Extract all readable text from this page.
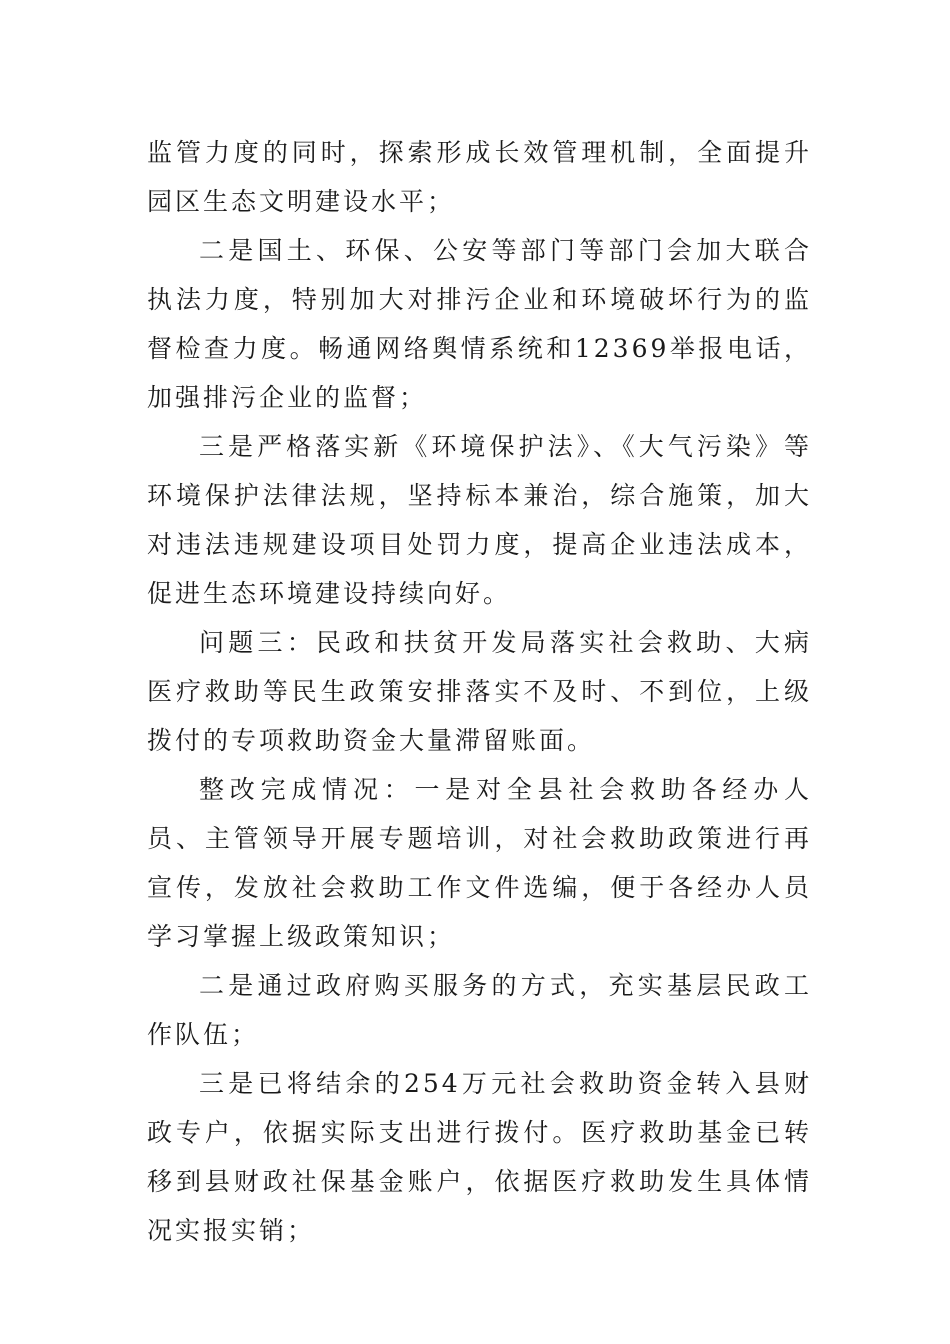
监管力度的同时，探索形成长效管理机制，全面提升园区生态文明建设水平；

二是国土、环保、公安等部门等部门会加大联合执法力度，特别加大对排污企业和环境破坏行为的监督检查力度。畅通网络舆情系统和12369举报电话，加强排污企业的监督；

三是严格落实新《环境保护法》、《大气污染》等环境保护法律法规，坚持标本兼治，综合施策，加大对违法违规建设项目处罚力度，提高企业违法成本，促进生态环境建设持续向好。

问题三：民政和扶贫开发局落实社会救助、大病医疗救助等民生政策安排落实不及时、不到位，上级拨付的专项救助资金大量滞留账面。

整改完成情况：一是对全县社会救助各经办人员、主管领导开展专题培训，对社会救助政策进行再宣传，发放社会救助工作文件选编，便于各经办人员学习掌握上级政策知识；

二是通过政府购买服务的方式，充实基层民政工作队伍；

三是已将结余的254万元社会救助资金转入县财政专户，依据实际支出进行拨付。医疗救助基金已转移到县财政社保基金账户，依据医疗救助发生具体情况实报实销；
